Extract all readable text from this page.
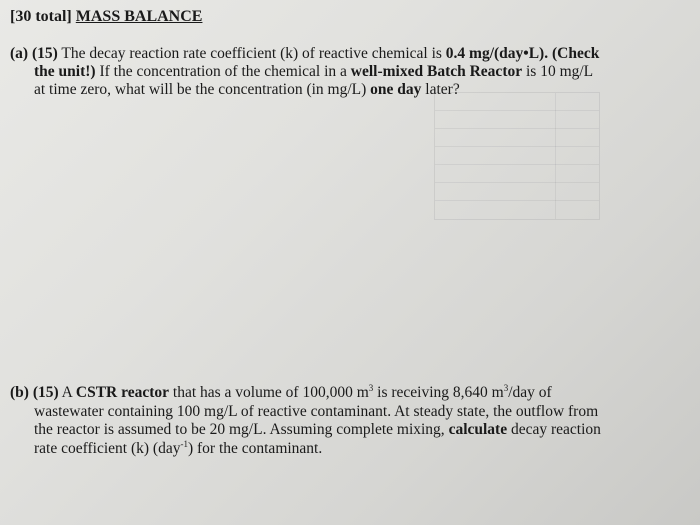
[30 total] MASS BALANCE
(a) (15) The decay reaction rate coefficient (k) of reactive chemical is 0.4 mg/(day•L). (Check
the unit!) If the concentration of the chemical in a well-mixed Batch Reactor is 10 mg/L
at time zero, what will be the concentration (in mg/L) one day later?
(b) (15) A CSTR reactor that has a volume of 100,000 $m^3$ is receiving 8,640 $m^3$/day of
wastewater containing 100 mg/L of reactive contaminant. At steady state, the outflow from
the reactor is assumed to be 20 mg/L. Assuming complete mixing, calculate decay reaction
rate coefficient (k) (day$^{-1}$) for the contaminant.
